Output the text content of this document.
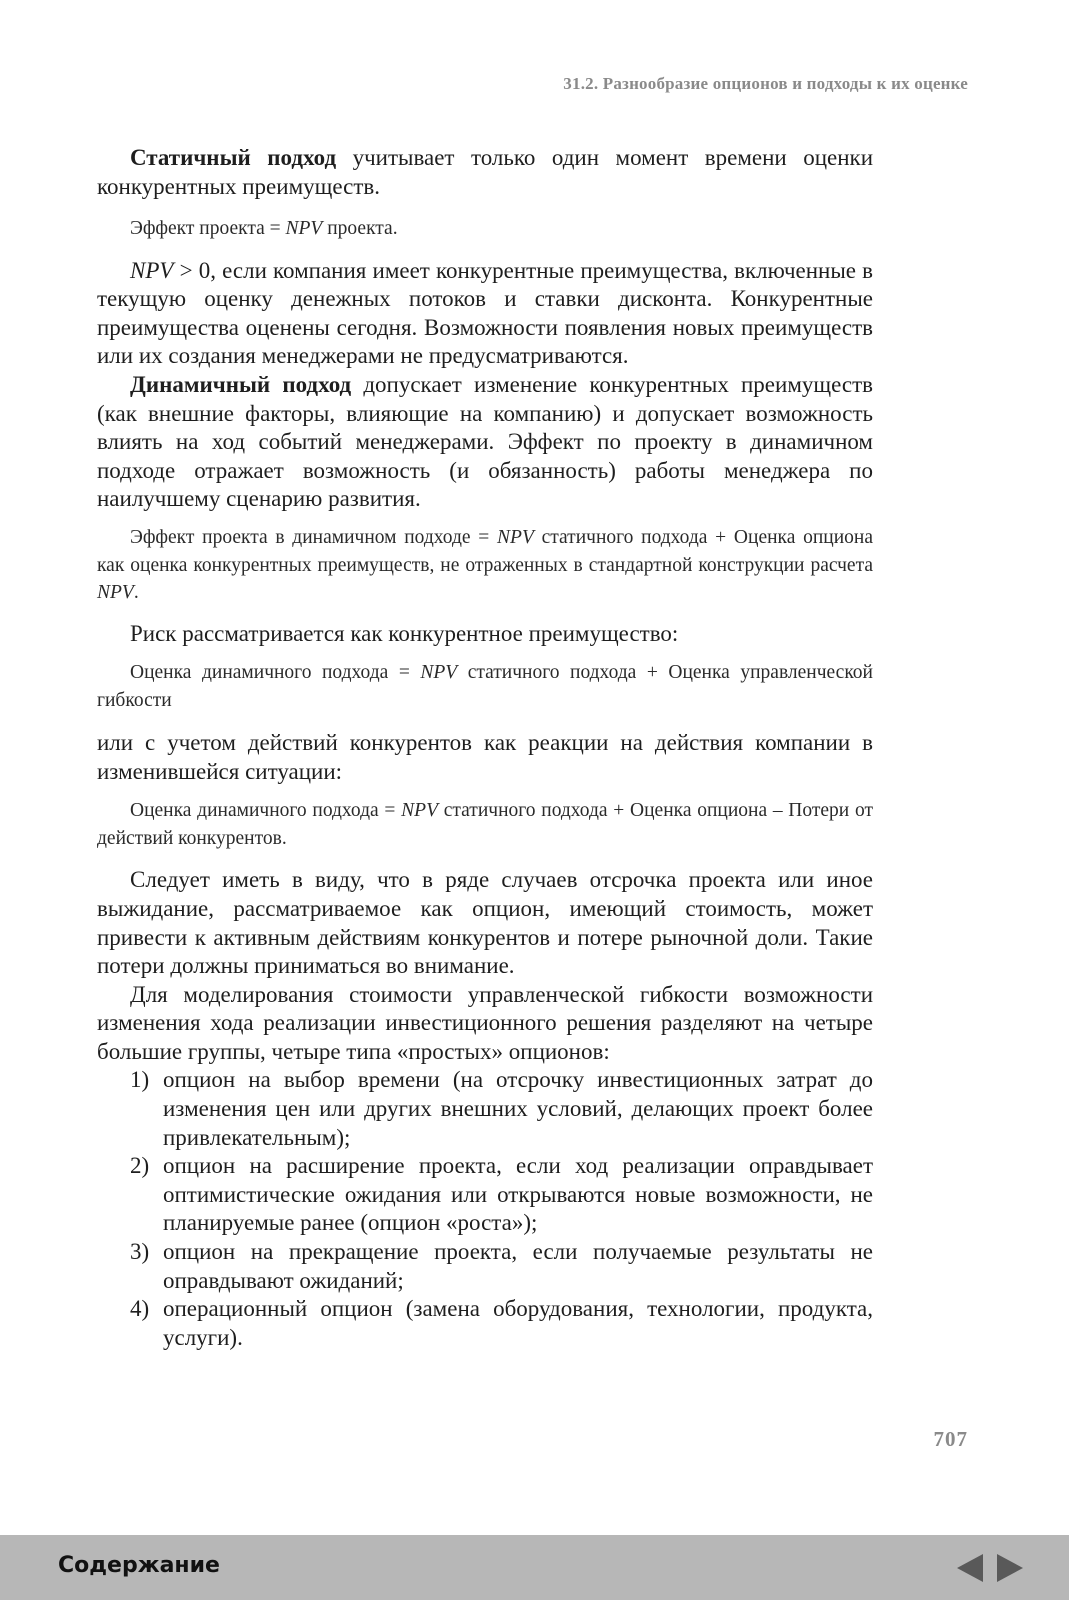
31.2. Разнообразие опционов и подходы к их оценке

Статичный подход учитывает только один момент времени оценки конкурентных преимуществ.

Эффект проекта = NPV проекта.

NPV > 0, если компания имеет конкурентные преимущества, включенные в текущую оценку денежных потоков и ставки дисконта. Конкурентные преимущества оценены сегодня. Возможности появления новых преимуществ или их создания менеджерами не предусматриваются.

Динамичный подход допускает изменение конкурентных преимуществ (как внешние факторы, влияющие на компанию) и допускает возможность влиять на ход событий менеджерами. Эффект по проекту в динамичном подходе отражает возможность (и обязанность) работы менеджера по наилучшему сценарию развития.

Эффект проекта в динамичном подходе = NPV статичного подхода + Оценка опциона как оценка конкурентных преимуществ, не отраженных в стандартной конструкции расчета NPV.

Риск рассматривается как конкурентное преимущество:

Оценка динамичного подхода = NPV статичного подхода + Оценка управленческой гибкости

или с учетом действий конкурентов как реакции на действия компании в изменившейся ситуации:

Оценка динамичного подхода = NPV статичного подхода + Оценка опциона – Потери от действий конкурентов.

Следует иметь в виду, что в ряде случаев отсрочка проекта или иное выжидание, рассматриваемое как опцион, имеющий стоимость, может привести к активным действиям конкурентов и потере рыночной доли. Такие потери должны приниматься во внимание.

Для моделирования стоимости управленческой гибкости возможности изменения хода реализации инвестиционного решения разделяют на четыре большие группы, четыре типа «простых» опционов:

1) опцион на выбор времени (на отсрочку инвестиционных затрат до изменения цен или других внешних условий, делающих проект более привлекательным);
2) опцион на расширение проекта, если ход реализации оправдывает оптимистические ожидания или открываются новые возможности, не планируемые ранее (опцион «роста»);
3) опцион на прекращение проекта, если получаемые результаты не оправдывают ожиданий;
4) операционный опцион (замена оборудования, технологии, продукта, услуги).
707
Содержание
